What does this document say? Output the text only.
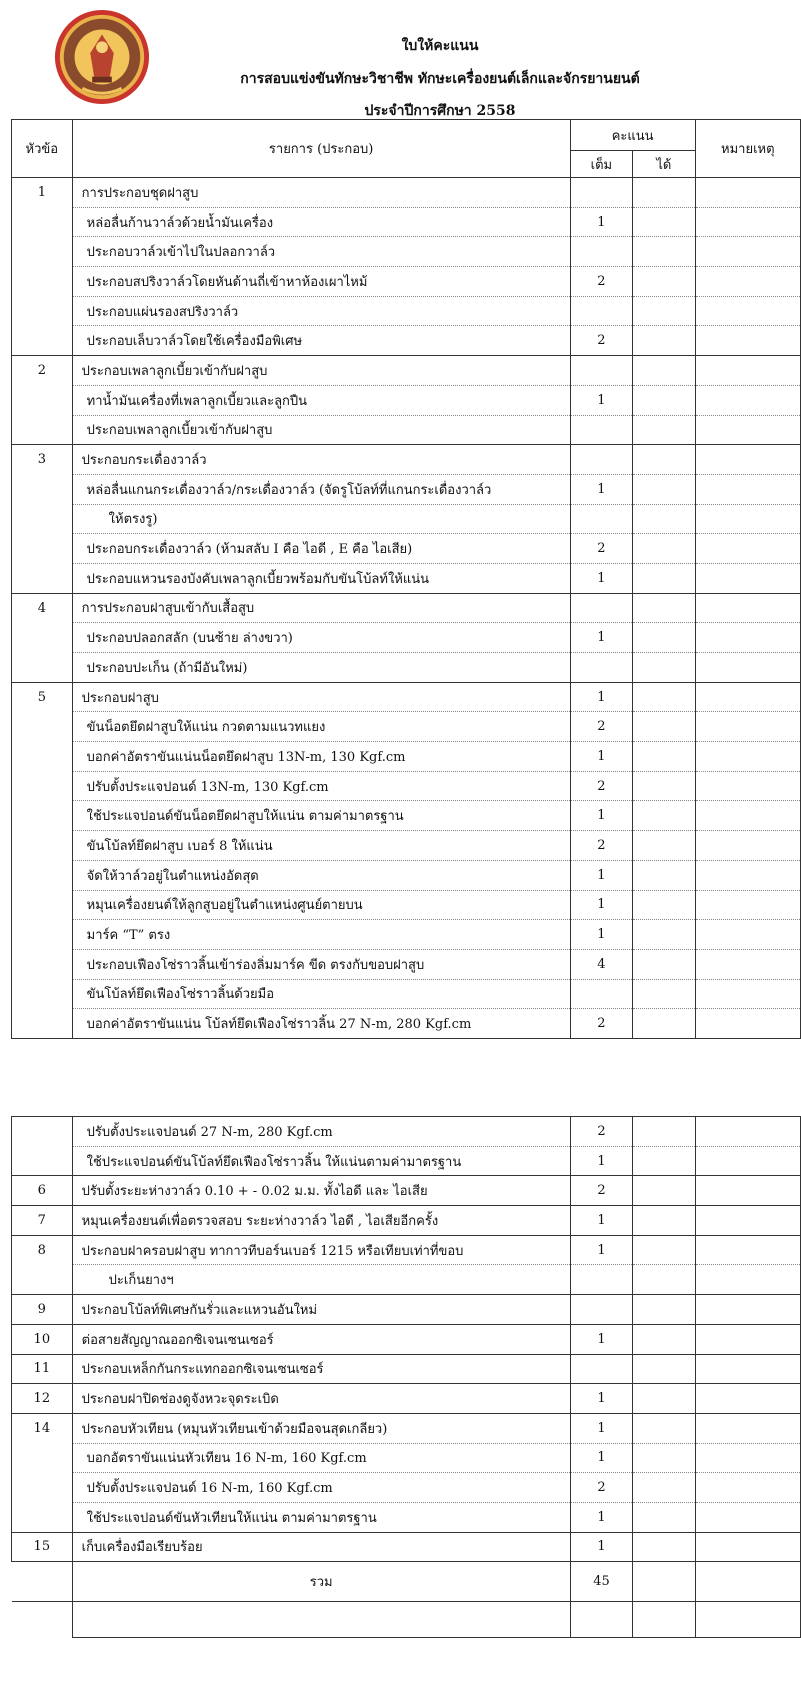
ใบให้คะแนน
การสอบแข่งขันทักษะวิชาชีพ ทักษะเครื่องยนต์เล็กและจักรยานยนต์
ประจำปีการศึกษา 2558
หัวข้อ	รายการ (ประกอบ)	คะแนน		หมายเหตุ
		เต็ม	ได้	
1	การประกอบชุดฝาสูบ			

	หล่อลื่นก้านวาล์วด้วยน้ำมันเครื่อง	1		

	ประกอบวาล์วเข้าไปในปลอกวาล์ว			

	ประกอบสปริงวาล์วโดยหันด้านถี่เข้าหาห้องเผาไหม้	2		

	ประกอบแผ่นรองสปริงวาล์ว			

	ประกอบเล็บวาล์วโดยใช้เครื่องมือพิเศษ	2		
2	ประกอบเพลาลูกเบี้ยวเข้ากับฝาสูบ			

	ทาน้ำมันเครื่องที่เพลาลูกเบี้ยวและลูกปืน	1		

	ประกอบเพลาลูกเบี้ยวเข้ากับฝาสูบ			

3	ประกอบกระเดื่องวาล์ว			

	หล่อลื่นแกนกระเดื่องวาล์ว/กระเดื่องวาล์ว (จัดรูโบ้ลท์ที่แกนกระเดื่องวาล์ว	1		

	ให้ตรงรู)			

	ประกอบกระเดื่องวาล์ว (ห้ามสลับ I คือ ไอดี , E คือ ไอเสีย)	2		

	ประกอบแหวนรองบังคับเพลาลูกเบี้ยวพร้อมกับขันโบ้ลท์ให้แน่น	1		
4	การประกอบฝาสูบเข้ากับเสื้อสูบ			

	ประกอบปลอกสลัก (บนซ้าย ล่างขวา)	1		

	ประกอบปะเก็น (ถ้ามีอันใหม่)			

5	ประกอบฝาสูบ	1		

	ขันน็อตยึดฝาสูบให้แน่น กวดตามแนวทแยง	2		

	บอกค่าอัตราขันแน่นน็อตยึดฝาสูบ 13N-m, 130 Kgf.cm	1		

	ปรับตั้งประแจปอนด์ 13N-m, 130 Kgf.cm	2		

	ใช้ประแจปอนด์ขันน็อตยึดฝาสูบให้แน่น ตามค่ามาตรฐาน	1		

	ขันโบ้ลท์ยึดฝาสูบ เบอร์ 8 ให้แน่น	2		

	จัดให้วาล์วอยู่ในตำแหน่งอัดสุด	1		

	หมุนเครื่องยนต์ให้ลูกสูบอยู่ในตำแหน่งศูนย์ตายบน	1		

	มาร์ค “T” ตรง	1		

	ประกอบเฟืองโซ่ราวลิ้นเข้าร่องลิ่มมาร์ค ขีด ตรงกับขอบฝาสูบ	4		

	ขันโบ้ลท์ยึดเฟืองโซ่ราวลิ้นด้วยมือ			

	บอกค่าอัตราขันแน่น โบ้ลท์ยึดเฟืองโซ่ราวลิ้น 27 N-m, 280 Kgf.cm	2		

	ปรับตั้งประแจปอนด์ 27 N-m, 280 Kgf.cm	2		

	ใช้ประแจปอนด์ขันโบ้ลท์ยึดเฟืองโซ่ราวลิ้น ให้แน่นตามค่ามาตรฐาน	1		
6	ปรับตั้งระยะห่างวาล์ว 0.10 + - 0.02 ม.ม. ทั้งไอดี และ ไอเสีย	2		
7	หมุนเครื่องยนต์เพื่อตรวจสอบ ระยะห่างวาล์ว ไอดี , ไอเสียอีกครั้ง	1		
8	ประกอบฝาครอบฝาสูบ ทากาวทีบอร์นเบอร์ 1215 หรือเทียบเท่าที่ขอบ	1		

	ปะเก็นยางฯ			

9	ประกอบโบ้ลท์พิเศษกันรั่วและแหวนอันใหม่			

10	ต่อสายสัญญาณออกซิเจนเซนเซอร์	1		
11	ประกอบเหล็กกันกระแทกออกซิเจนเซนเซอร์			

12	ประกอบฝาปิดช่องดูจังหวะจุดระเบิด	1		
14	ประกอบหัวเทียน (หมุนหัวเทียนเข้าด้วยมือจนสุดเกลียว)	1		

	บอกอัตราขันแน่นหัวเทียน 16 N-m, 160 Kgf.cm	1		

	ปรับตั้งประแจปอนด์ 16 N-m, 160 Kgf.cm	2		

	ใช้ประแจปอนด์ขันหัวเทียนให้แน่น ตามค่ามาตรฐาน	1		
15	เก็บเครื่องมือเรียบร้อย	1		
	รวม	45		
